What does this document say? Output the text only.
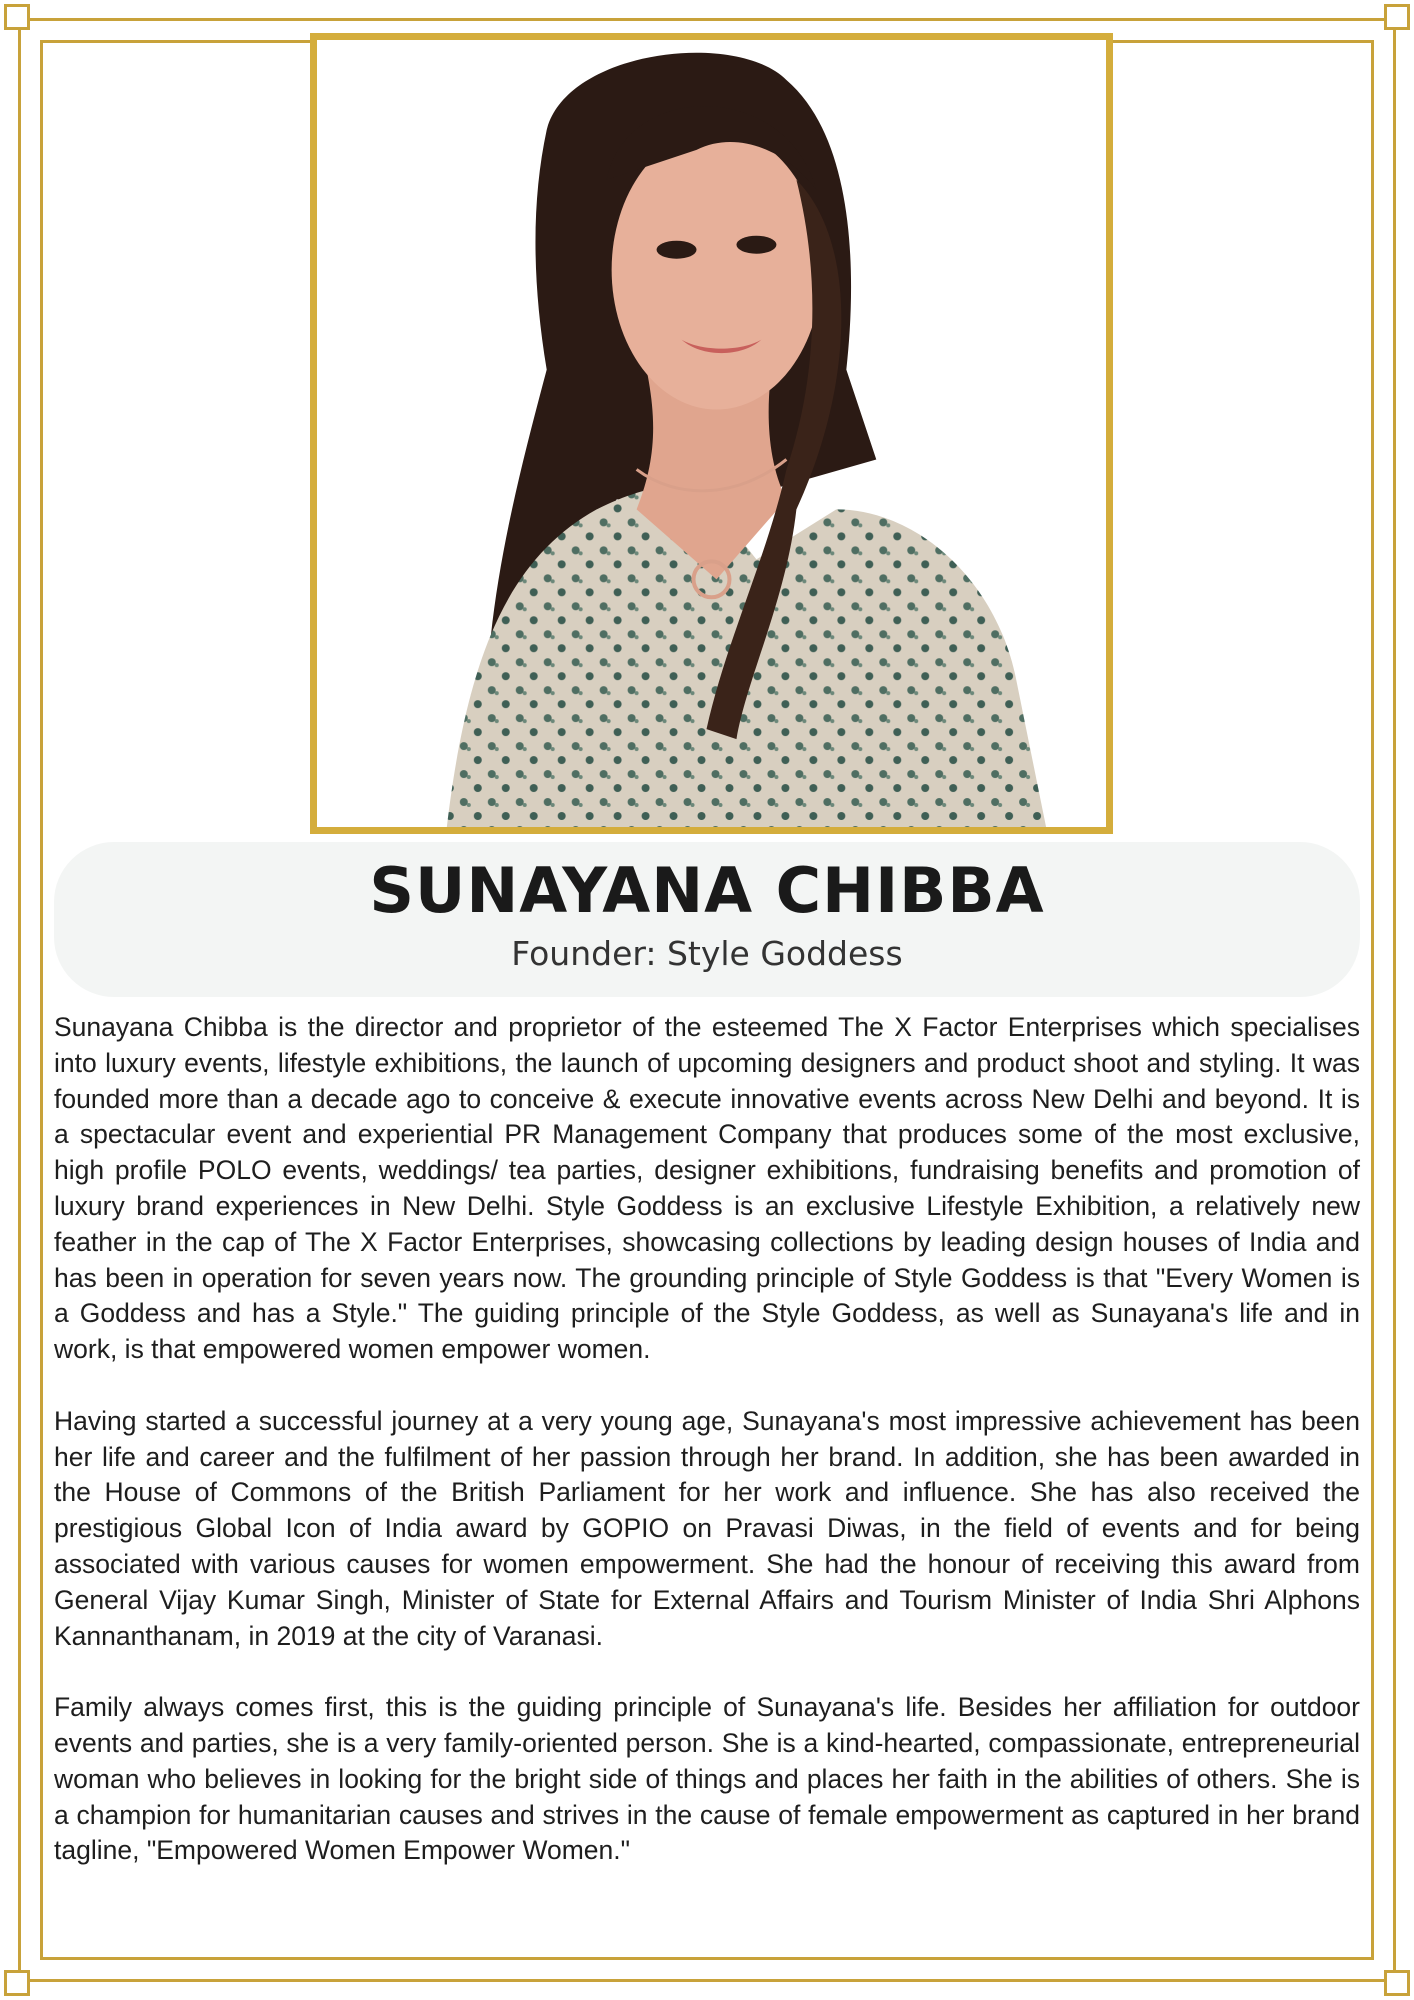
SUNAYANA CHIBBA
Founder: Style Goddess

Sunayana Chibba is the director and proprietor of the esteemed The X Factor Enterprises which specialises into luxury events, lifestyle exhibitions, the launch of upcoming designers and product shoot and styling. It was founded more than a decade ago to conceive & execute innovative events across New Delhi and beyond. It is a spectacular event and experiential PR Management Company that produces some of the most exclusive, high profile POLO events, weddings/ tea parties, designer exhibitions, fundraising benefits and promotion of luxury brand experiences in New Delhi. Style Goddess is an exclusive Lifestyle Exhibition, a relatively new feather in the cap of The X Factor Enterprises, showcasing collections by leading design houses of India and has been in operation for seven years now. The grounding principle of Style Goddess is that "Every Women is a Goddess and has a Style." The guiding principle of the Style Goddess, as well as Sunayana's life and in work, is that empowered women empower women.

Having started a successful journey at a very young age, Sunayana's most impressive achievement has been her life and career and the fulfilment of her passion through her brand. In addition, she has been awarded in the House of Commons of the British Parliament for her work and influence. She has also received the prestigious Global Icon of India award by GOPIO on Pravasi Diwas, in the field of events and for being associated with various causes for women empowerment. She had the honour of receiving this award from General Vijay Kumar Singh, Minister of State for External Affairs and Tourism Minister of India Shri Alphons Kannanthanam, in 2019 at the city of Varanasi.

Family always comes first, this is the guiding principle of Sunayana's life. Besides her affiliation for outdoor events and parties, she is a very family-oriented person. She is a kind-hearted, compassionate, entrepreneurial woman who believes in looking for the bright side of things and places her faith in the abilities of others. She is a champion for humanitarian causes and strives in the cause of female empowerment as captured in her brand tagline, "Empowered Women Empower Women."
